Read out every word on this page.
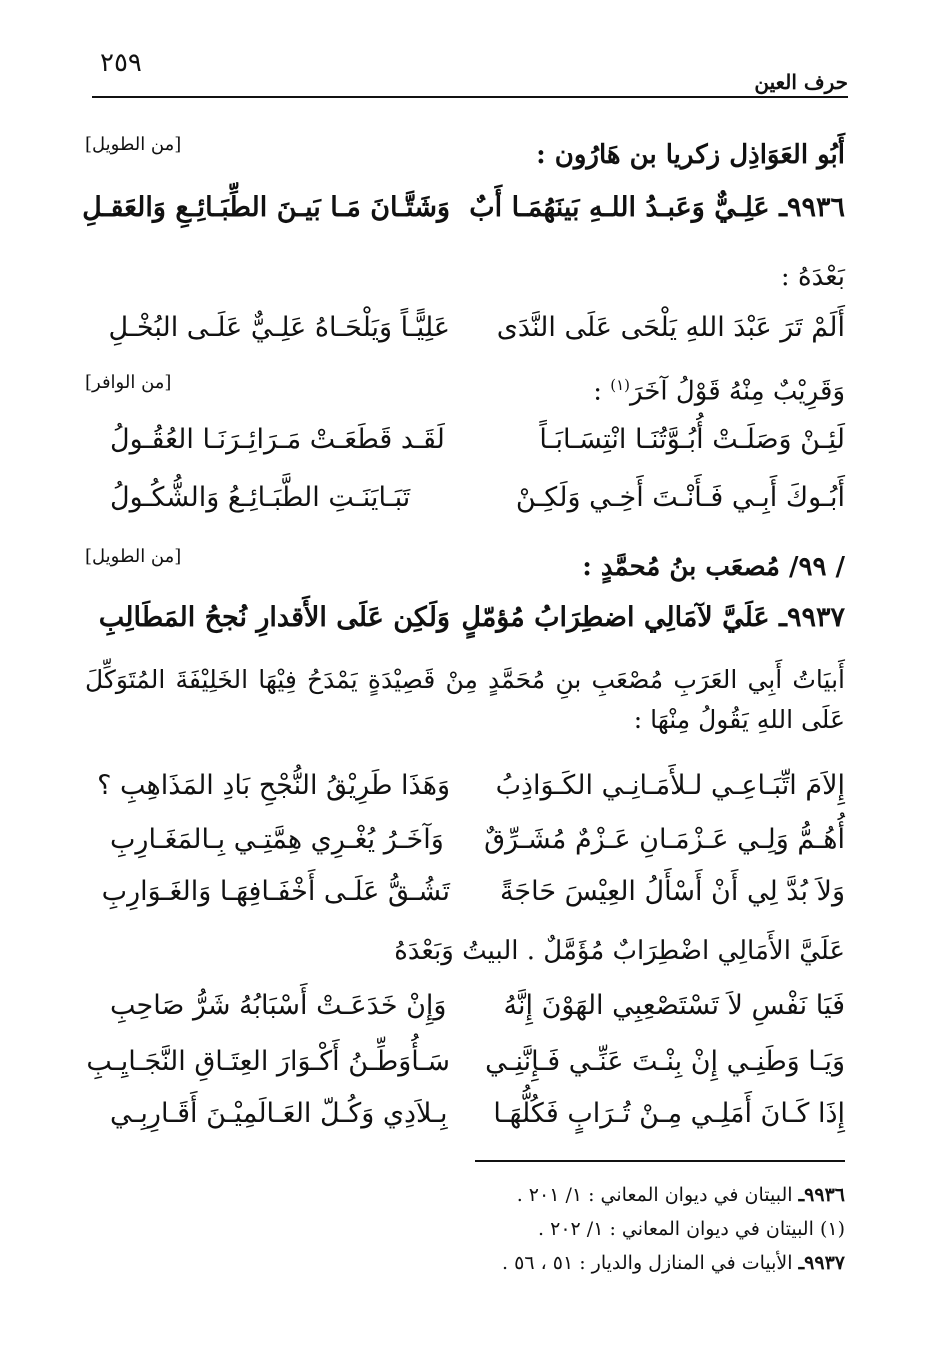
٢٥٩
حرف العين
أَبُو العَوَاذِل زكريا بن هَارُون :
[من الطويل]
٩٩٣٦ـ عَلِـيٌّ وَعَبـدُ اللـهِ بَينَهُمَـا أَبٌ
وَشَتَّـانَ مَـا بَيـنَ الطِّبَـائِـعِ وَالعَقـلِ
بَعْدَهُ :
أَلَمْ تَرَ عَبْدَ اللهِ يَلْحَى عَلَى النَّدَى
عَلِيًّـاً وَيَلْحَـاهُ عَلِـيٌّ عَلَـى البُخْـلِ
وَقَرِيْبٌ مِنْهُ قَوْلُ آخَرَ$^{(١)}$ :
[من الوافر]
لَئِـنْ وَصَلَـتْ أُبُـوَّتُنَـا انْتِسَـابَـاً
لَقَـد قَطَعَـتْ مَـرَائِـرَنَـا العُقُـولُ
أَبُـوكَ أَبِـي فَـأَنْـتَ أَخِـي وَلَكِـنْ
تَبَـايَنَـتِ الطَّبَـائِـعُ وَالشُّكُـولُ
/ ٩٩/ مُصعَب بنُ مُحمَّدٍ :
[من الطويل]
٩٩٣٧ـ عَلَيَّ لآمَالِي اضطِرَابُ مُؤمّلٍ
وَلَكِن عَلَى الأَقدارِ نُجحُ المَطَالِبِ
أَبيَاتُ أَبِي العَرَبِ مُصْعَبِ بنِ مُحَمَّدٍ مِنْ قَصِيْدَةٍ يَمْدَحُ فِيْهَا الخَلِيْفَةَ المُتَوَكِّلَ عَلَى اللهِ يَقُولُ مِنْهَا :
إِلاَمَ اتِّبَـاعِـي لـلأَمَـانِـي الكَـوَاذِبُ
وَهَذَا طَرِيْقُ النُّجْحِ بَادِ المَذَاهِبِ ؟
أُهُـمُّ وَلِـي عَـزْمَـانِ عَـزْمٌ مُشَـرِّقٌ
وَآخَـرُ يُغْـرِي هِمَّتِـي بِـالمَغَـارِبِ
وَلاَ بُدَّ لِي أَنْ أَسْأَلُ العِيْسَ حَاجَةً
تَشُـقُّ عَلَـى أَخْفَـافِهَـا وَالغَـوَارِبِ
عَلَيَّ الأَمَالِي اضْطِرَابٌ مُؤَمَّلٌ . البيتُ وَبَعْدَهُ
فَيَا نَفْسِ لاَ تَسْتَصْعِبِي الهَوْنَ إِنَّهُ
وَإِنْ خَدَعَـتْ أَسْبَابُهُ شَرُّ صَاحِبِ
وَيَـا وَطَنِـي إِنْ بِنْـتَ عَنِّـي فَـإِنَّنِـي
سَـأُوَطِّـنُ أَكْـوَارَ العِتَـاقِ النَّجَـايِـبِ
إِذَا كَـانَ أَمَلِـي مِـنْ تُـرَابٍ فَكُلُّهَـا
بِـلاَدِي وَكُـلّ العَـالَمِيْـنَ أَقَـارِبِـي
٩٩٣٦ـ البيتان في ديوان المعاني : ١/ ٢٠١ .
(١) البيتان في ديوان المعاني : ١/ ٢٠٢ .
٩٩٣٧ـ الأبيات في المنازل والديار : ٥١ ، ٥٦ .
